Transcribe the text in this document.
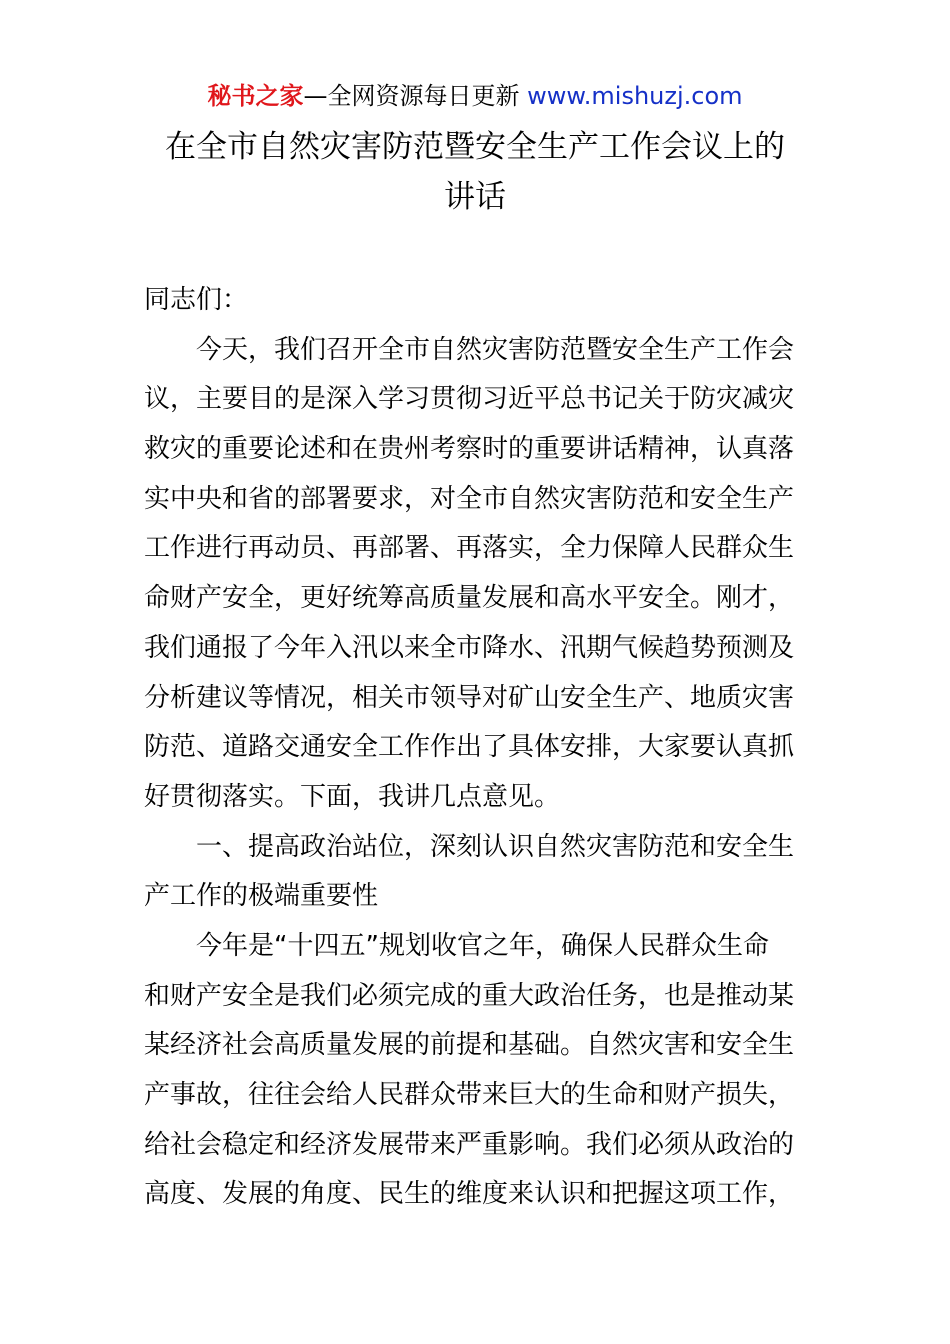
秘书之家—全网资源每日更新 www.mishuzj.com
在全市自然灾害防范暨安全生产工作会议上的
讲话
同志们：
今天，我们召开全市自然灾害防范暨安全生产工作会
议，主要目的是深入学习贯彻习近平总书记关于防灾减灾
救灾的重要论述和在贵州考察时的重要讲话精神，认真落
实中央和省的部署要求，对全市自然灾害防范和安全生产
工作进行再动员、再部署、再落实，全力保障人民群众生
命财产安全，更好统筹高质量发展和高水平安全。刚才，
我们通报了今年入汛以来全市降水、汛期气候趋势预测及
分析建议等情况，相关市领导对矿山安全生产、地质灾害
防范、道路交通安全工作作出了具体安排，大家要认真抓
好贯彻落实。下面，我讲几点意见。
一、提高政治站位，深刻认识自然灾害防范和安全生
产工作的极端重要性
今年是“十四五”规划收官之年，确保人民群众生命
和财产安全是我们必须完成的重大政治任务，也是推动某
某经济社会高质量发展的前提和基础。自然灾害和安全生
产事故，往往会给人民群众带来巨大的生命和财产损失，
给社会稳定和经济发展带来严重影响。我们必须从政治的
高度、发展的角度、民生的维度来认识和把握这项工作，
